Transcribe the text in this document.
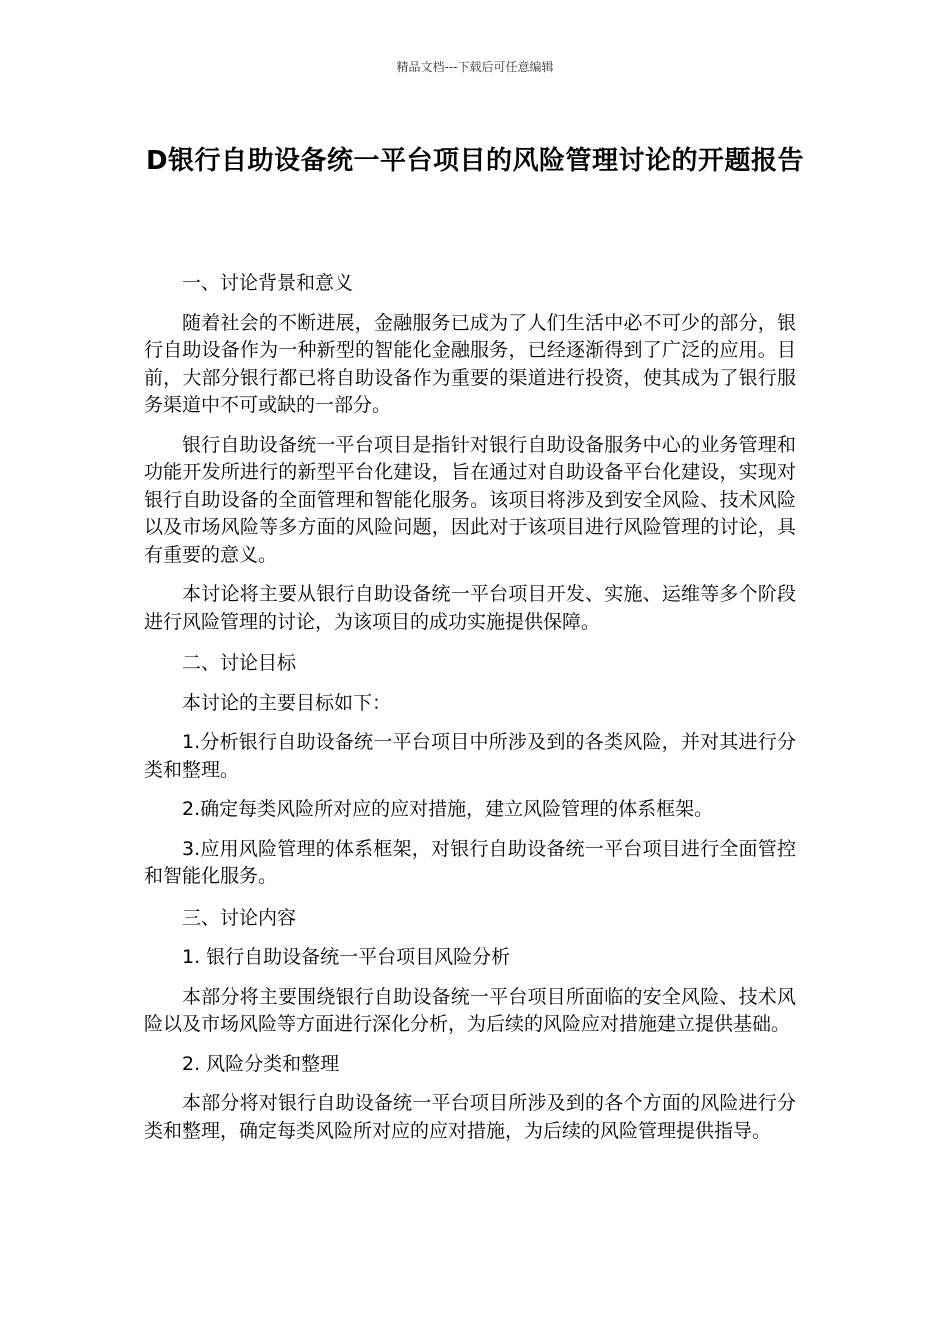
精品文档---下载后可任意编辑
D银行自助设备统一平台项目的风险管理讨论的开题报告

一、讨论背景和意义

随着社会的不断进展，金融服务已成为了人们生活中必不可少的部分，银行自助设备作为一种新型的智能化金融服务，已经逐渐得到了广泛的应用。目前，大部分银行都已将自助设备作为重要的渠道进行投资，使其成为了银行服务渠道中不可或缺的一部分。

银行自助设备统一平台项目是指针对银行自助设备服务中心的业务管理和功能开发所进行的新型平台化建设，旨在通过对自助设备平台化建设，实现对银行自助设备的全面管理和智能化服务。该项目将涉及到安全风险、技术风险以及市场风险等多方面的风险问题，因此对于该项目进行风险管理的讨论，具有重要的意义。

本讨论将主要从银行自助设备统一平台项目开发、实施、运维等多个阶段进行风险管理的讨论，为该项目的成功实施提供保障。

二、讨论目标

本讨论的主要目标如下：

1.分析银行自助设备统一平台项目中所涉及到的各类风险，并对其进行分类和整理。

2.确定每类风险所对应的应对措施，建立风险管理的体系框架。

3.应用风险管理的体系框架，对银行自助设备统一平台项目进行全面管控和智能化服务。

三、讨论内容

1. 银行自助设备统一平台项目风险分析

本部分将主要围绕银行自助设备统一平台项目所面临的安全风险、技术风险以及市场风险等方面进行深化分析，为后续的风险应对措施建立提供基础。

2. 风险分类和整理

本部分将对银行自助设备统一平台项目所涉及到的各个方面的风险进行分类和整理，确定每类风险所对应的应对措施，为后续的风险管理提供指导。
